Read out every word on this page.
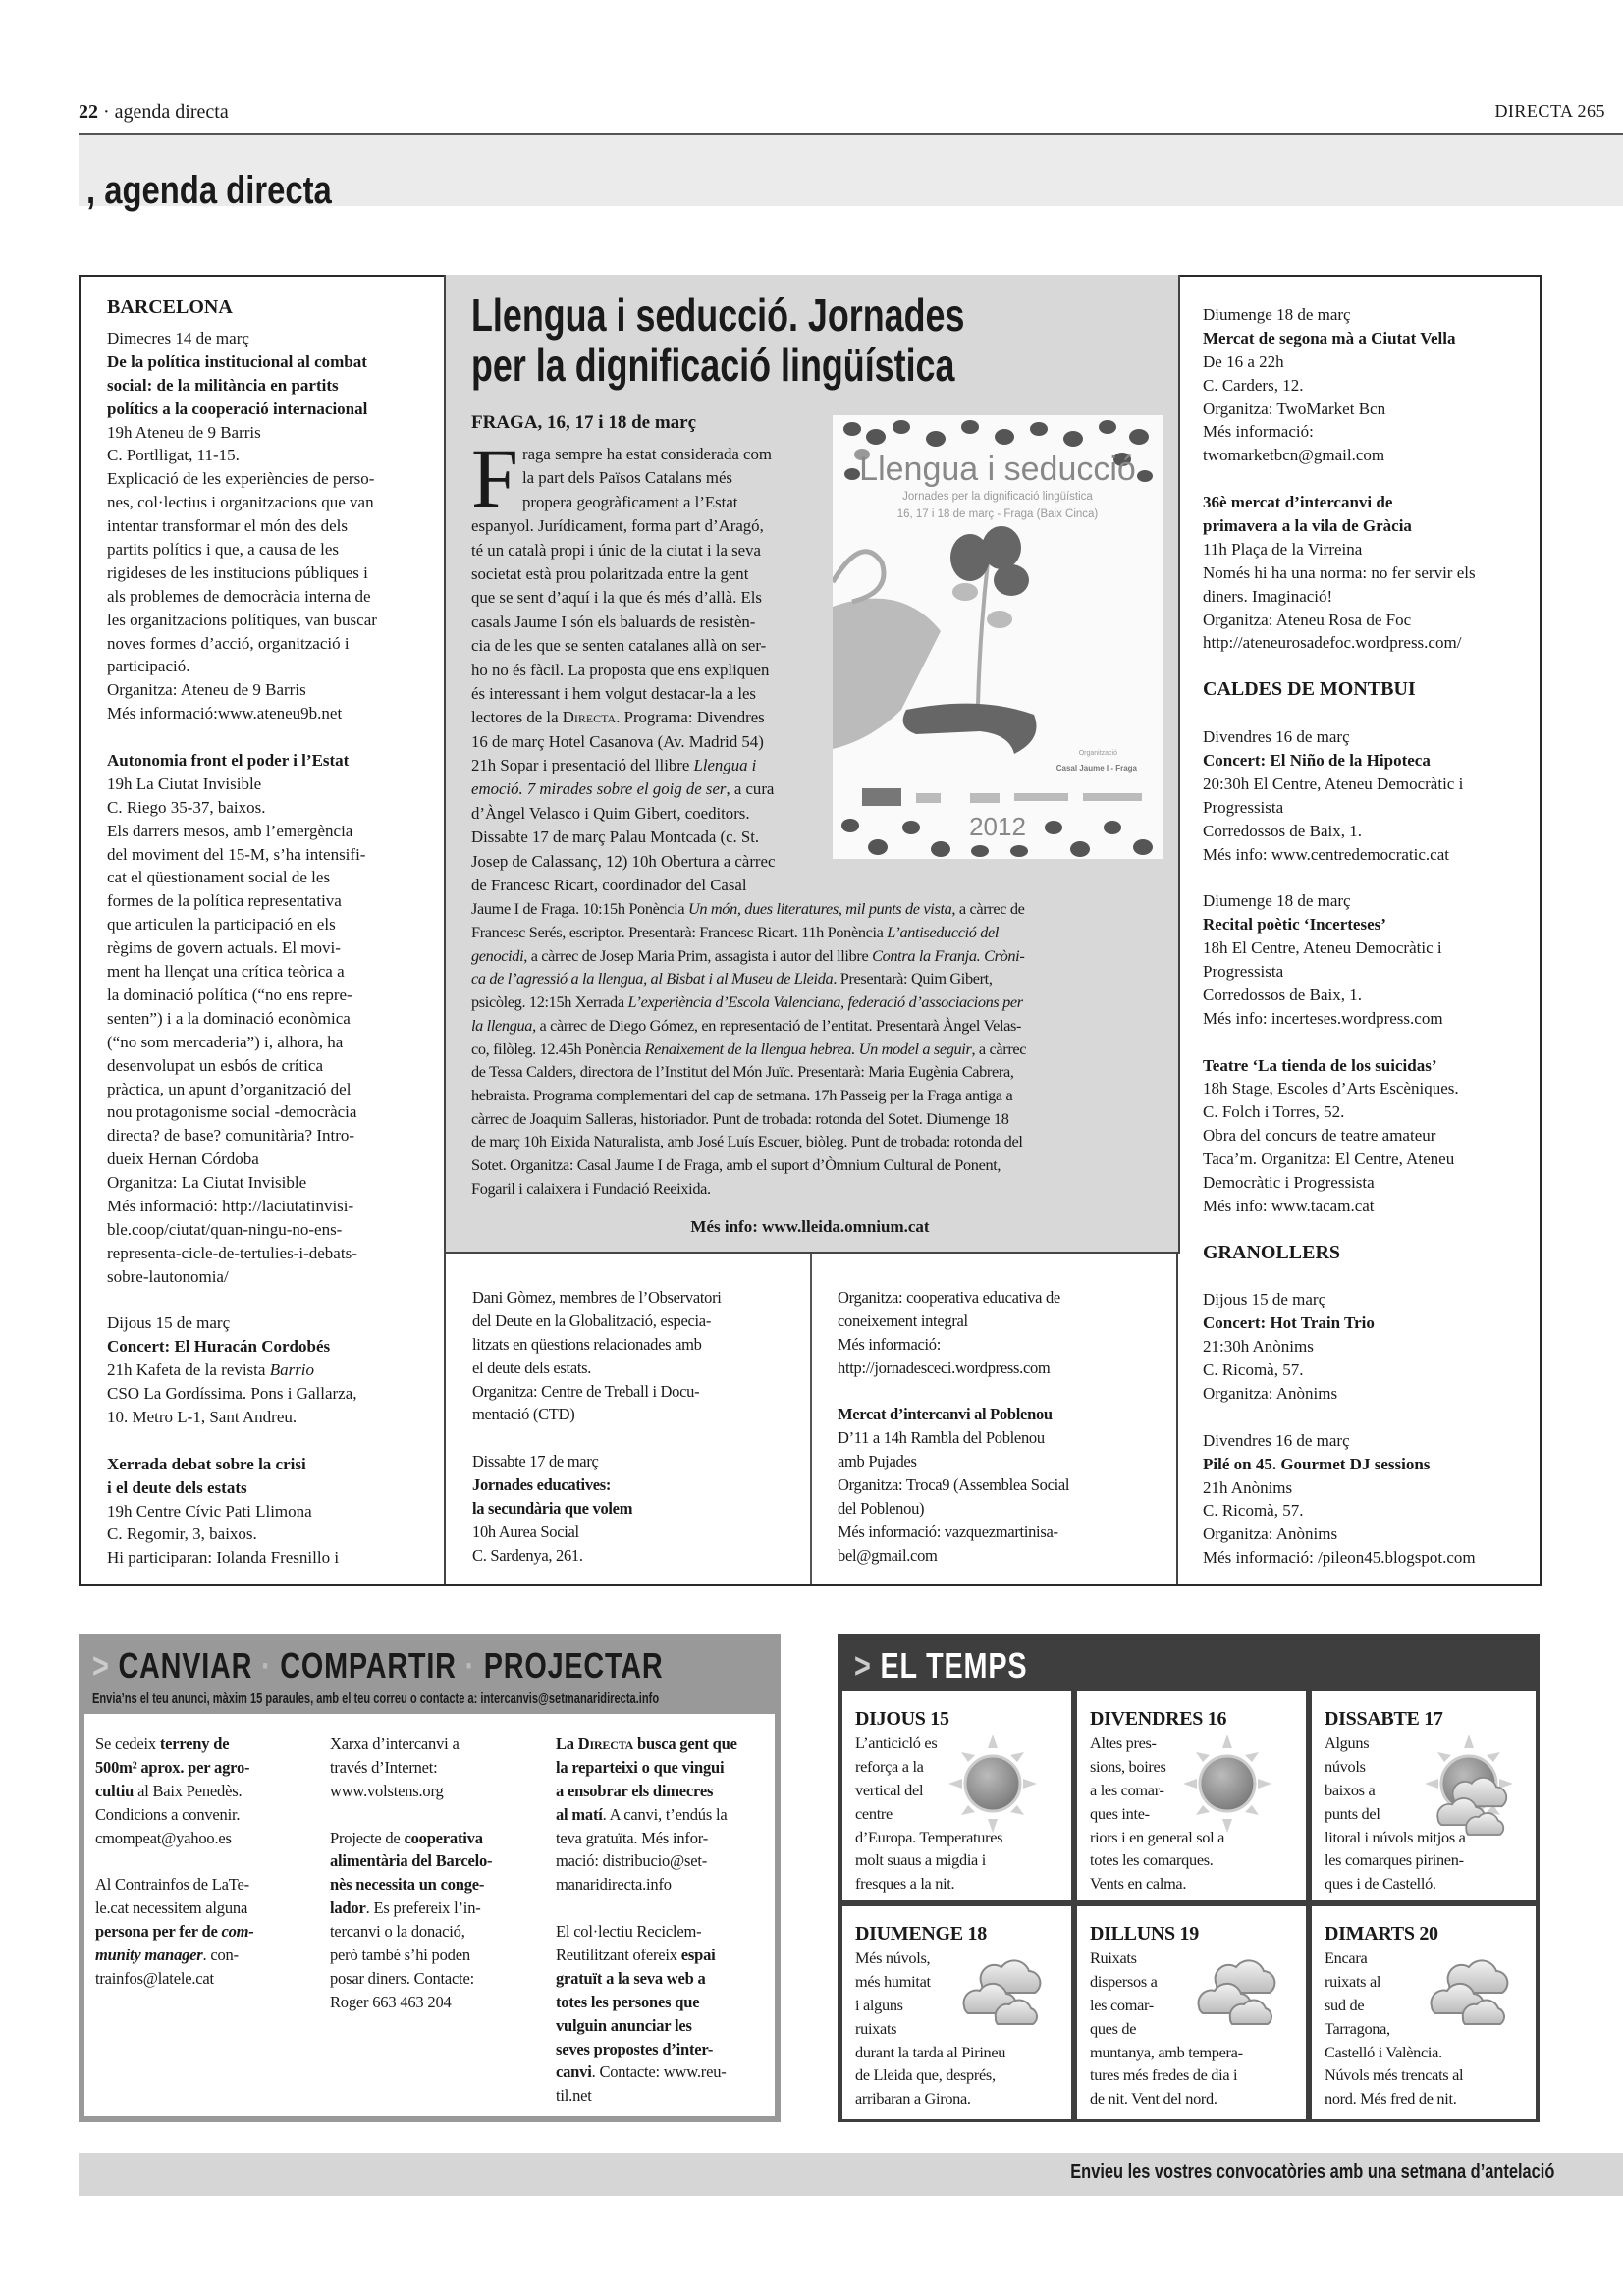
22 · agenda directa	DIRECTA 265
, agenda directa
BARCELONA
Dimecres 14 de març
De la política institucional al combat
social: de la militància en partits
polítics a la cooperació internacional
19h Ateneu de 9 Barris
C. Portlligat, 11-15.
Explicació de les experiències de perso-
nes, col·lectius i organitzacions que van
intentar transformar el món des dels
partits polítics i que, a causa de les
rigideses de les institucions públiques i
als problemes de democràcia interna de
les organitzacions polítiques, van buscar
noves formes d’acció, organització i
participació.
Organitza: Ateneu de 9 Barris
Més informació:www.ateneu9b.net
Autonomia front el poder i l’Estat
19h La Ciutat Invisible
C. Riego 35-37, baixos.
Els darrers mesos, amb l’emergència
del moviment del 15-M, s’ha intensifi-
cat el qüestionament social de les
formes de la política representativa
que articulen la participació en els
règims de govern actuals. El movi-
ment ha llençat una crítica teòrica a
la dominació política (“no ens repre-
senten”) i a la dominació econòmica
(“no som mercaderia”) i, alhora, ha
desenvolupat un esbós de crítica
pràctica, un apunt d’organització del
nou protagonisme social -democràcia
directa? de base? comunitària? Intro-
dueix Hernan Córdoba
Organitza: La Ciutat Invisible
Més informació: http://laciutatinvisi-
ble.coop/ciutat/quan-ningu-no-ens-
representa-cicle-de-tertulies-i-debats-
sobre-lautonomia/
Dijous 15 de març
Concert: El Huracán Cordobés
21h Kafeta de la revista Barrio
CSO La Gordíssima. Pons i Gallarza,
10. Metro L-1, Sant Andreu.
Xerrada debat sobre la crisi
i el deute dels estats
19h Centre Cívic Pati Llimona
C. Regomir, 3, baixos.
Hi participaran: Iolanda Fresnillo i
Llengua i seducció. Jornades
per la dignificació lingüística
FRAGA, 16, 17 i 18 de març
F raga sempre ha estat considerada com
la part dels Països Catalans més
propera geogràficament a l’Estat
espanyol. Jurídicament, forma part d’Aragó,
té un català propi i únic de la ciutat i la seva
societat està prou polaritzada entre la gent
que se sent d’aquí i la que és més d’allà. Els
casals Jaume I són els baluards de resistèn-
cia de les que se senten catalanes allà on ser-
ho no és fàcil. La proposta que ens expliquen
és interessant i hem volgut destacar-la a les
lectores de la Directa. Programa: Divendres
16 de març Hotel Casanova (Av. Madrid 54)
21h Sopar i presentació del llibre Llengua i
emoció. 7 mirades sobre el goig de ser, a cura
d’Àngel Velasco i Quim Gibert, coeditors.
Dissabte 17 de març Palau Montcada (c. St.
Josep de Calassanç, 12) 10h Obertura a càrrec
de Francesc Ricart, coordinador del Casal
Jaume I de Fraga. 10:15h Ponència Un món, dues literatures, mil punts de vista, a càrrec de
Francesc Serés, escriptor. Presentarà: Francesc Ricart. 11h Ponència L’antiseducció del
genocidi, a càrrec de Josep Maria Prim, assagista i autor del llibre Contra la Franja. Cròni-
ca de l’agressió a la llengua, al Bisbat i al Museu de Lleida. Presentarà: Quim Gibert,
psicòleg. 12:15h Xerrada L’experiència d’Escola Valenciana, federació d’associacions per
la llengua, a càrrec de Diego Gómez, en representació de l’entitat. Presentarà Àngel Velas-
co, filòleg. 12.45h Ponència Renaixement de la llengua hebrea. Un model a seguir, a càrrec
de Tessa Calders, directora de l’Institut del Món Juïc. Presentarà: Maria Eugènia Cabrera,
hebraista. Programa complementari del cap de setmana. 17h Passeig per la Fraga antiga a
càrrec de Joaquim Salleras, historiador. Punt de trobada: rotonda del Sotet. Diumenge 18
de març 10h Eixida Naturalista, amb José Luís Escuer, biòleg. Punt de trobada: rotonda del
Sotet. Organitza: Casal Jaume I de Fraga, amb el suport d’Òmnium Cultural de Ponent,
Fogaril i calaixera i Fundació Reeixida.
Més info: www.lleida.omnium.cat
Llengua i seducció
Jornades per la dignificació lingüística
16, 17 i 18 de març - Fraga (Baix Cinca)
Organització
Casal Jaume I - Fraga
2012
Dani Gòmez, membres de l’Observatori
del Deute en la Globalització, especia-
litzats en qüestions relacionades amb
el deute dels estats.
Organitza: Centre de Treball i Docu-
mentació (CTD)
Dissabte 17 de març
Jornades educatives:
la secundària que volem
10h Aurea Social
C. Sardenya, 261.
Organitza: cooperativa educativa de
coneixement integral
Més informació:
http://jornadesceci.wordpress.com
Mercat d’intercanvi al Poblenou
D’11 a 14h Rambla del Poblenou
amb Pujades
Organitza: Troca9 (Assemblea Social
del Poblenou)
Més informació: vazquezmartinisa-
bel@gmail.com
Diumenge 18 de març
Mercat de segona mà a Ciutat Vella
De 16 a 22h
C. Carders, 12.
Organitza: TwoMarket Bcn
Més informació:
twomarketbcn@gmail.com
36è mercat d’intercanvi de
primavera a la vila de Gràcia
11h Plaça de la Virreina
Només hi ha una norma: no fer servir els
diners. Imaginació!
Organitza: Ateneu Rosa de Foc
http://ateneurosadefoc.wordpress.com/
CALDES DE MONTBUI
Divendres 16 de març
Concert: El Niño de la Hipoteca
20:30h El Centre, Ateneu Democràtic i
Progressista
Corredossos de Baix, 1.
Més info: www.centredemocratic.cat
Diumenge 18 de març
Recital poètic ‘Incerteses’
18h El Centre, Ateneu Democràtic i
Progressista
Corredossos de Baix, 1.
Més info: incerteses.wordpress.com
Teatre ‘La tienda de los suicidas’
18h Stage, Escoles d’Arts Escèniques.
C. Folch i Torres, 52.
Obra del concurs de teatre amateur
Taca’m. Organitza: El Centre, Ateneu
Democràtic i Progressista
Més info: www.tacam.cat
GRANOLLERS
Dijous 15 de març
Concert: Hot Train Trio
21:30h Anònims
C. Ricomà, 57.
Organitza: Anònims
Divendres 16 de març
Pilé on 45. Gourmet DJ sessions
21h Anònims
C. Ricomà, 57.
Organitza: Anònims
Més informació: /pileon45.blogspot.com
> CANVIAR · COMPARTIR · PROJECTAR
Envia’ns el teu anunci, màxim 15 paraules, amb el teu correu o contacte a: intercanvis@setmanaridirecta.info
Se cedeix terreny de
500m² aprox. per agro-
cultiu al Baix Penedès.
Condicions a convenir.
cmompeat@yahoo.es
Al Contrainfos de LaTe-
le.cat necessitem alguna
persona per fer de com-
munity manager. con-
trainfos@latele.cat
Xarxa d’intercanvi a
través d’Internet:
www.volstens.org
Projecte de cooperativa
alimentària del Barcelo-
nès necessita un conge-
lador. Es prefereix l’in-
tercanvi o la donació,
però també s’hi poden
posar diners. Contacte:
Roger 663 463 204
La Directa busca gent que
la reparteixi o que vingui
a ensobrar els dimecres
al matí. A canvi, t’endús la
teva gratuïta. Més infor-
mació: distribucio@set-
manaridirecta.info
El col·lectiu Reciclem-
Reutilitzant ofereix espai
gratuït a la seva web a
totes les persones que
vulguin anunciar les
seves propostes d’inter-
canvi. Contacte: www.reu-
til.net
> EL TEMPS
DIJOUS 15
L’anticicló es
reforça a la
vertical del
centre
d’Europa. Temperatures
molt suaus a migdia i
fresques a la nit.
DIVENDRES 16
Altes pres-
sions, boires
a les comar-
ques inte-
riors i en general sol a
totes les comarques.
Vents en calma.
DISSABTE 17
Alguns
núvols
baixos a
punts del
litoral i núvols mitjos a
les comarques pirinen-
ques i de Castelló.
DIUMENGE 18
Més núvols,
més humitat
i alguns
ruixats
durant la tarda al Pirineu
de Lleida que, després,
arribaran a Girona.
DILLUNS 19
Ruixats
dispersos a
les comar-
ques de
muntanya, amb tempera-
tures més fredes de dia i
de nit. Vent del nord.
DIMARTS 20
Encara
ruixats al
sud de
Tarragona,
Castelló i València.
Núvols més trencats al
nord. Més fred de nit.
Envieu les vostres convocatòries amb una setmana d’antelació
